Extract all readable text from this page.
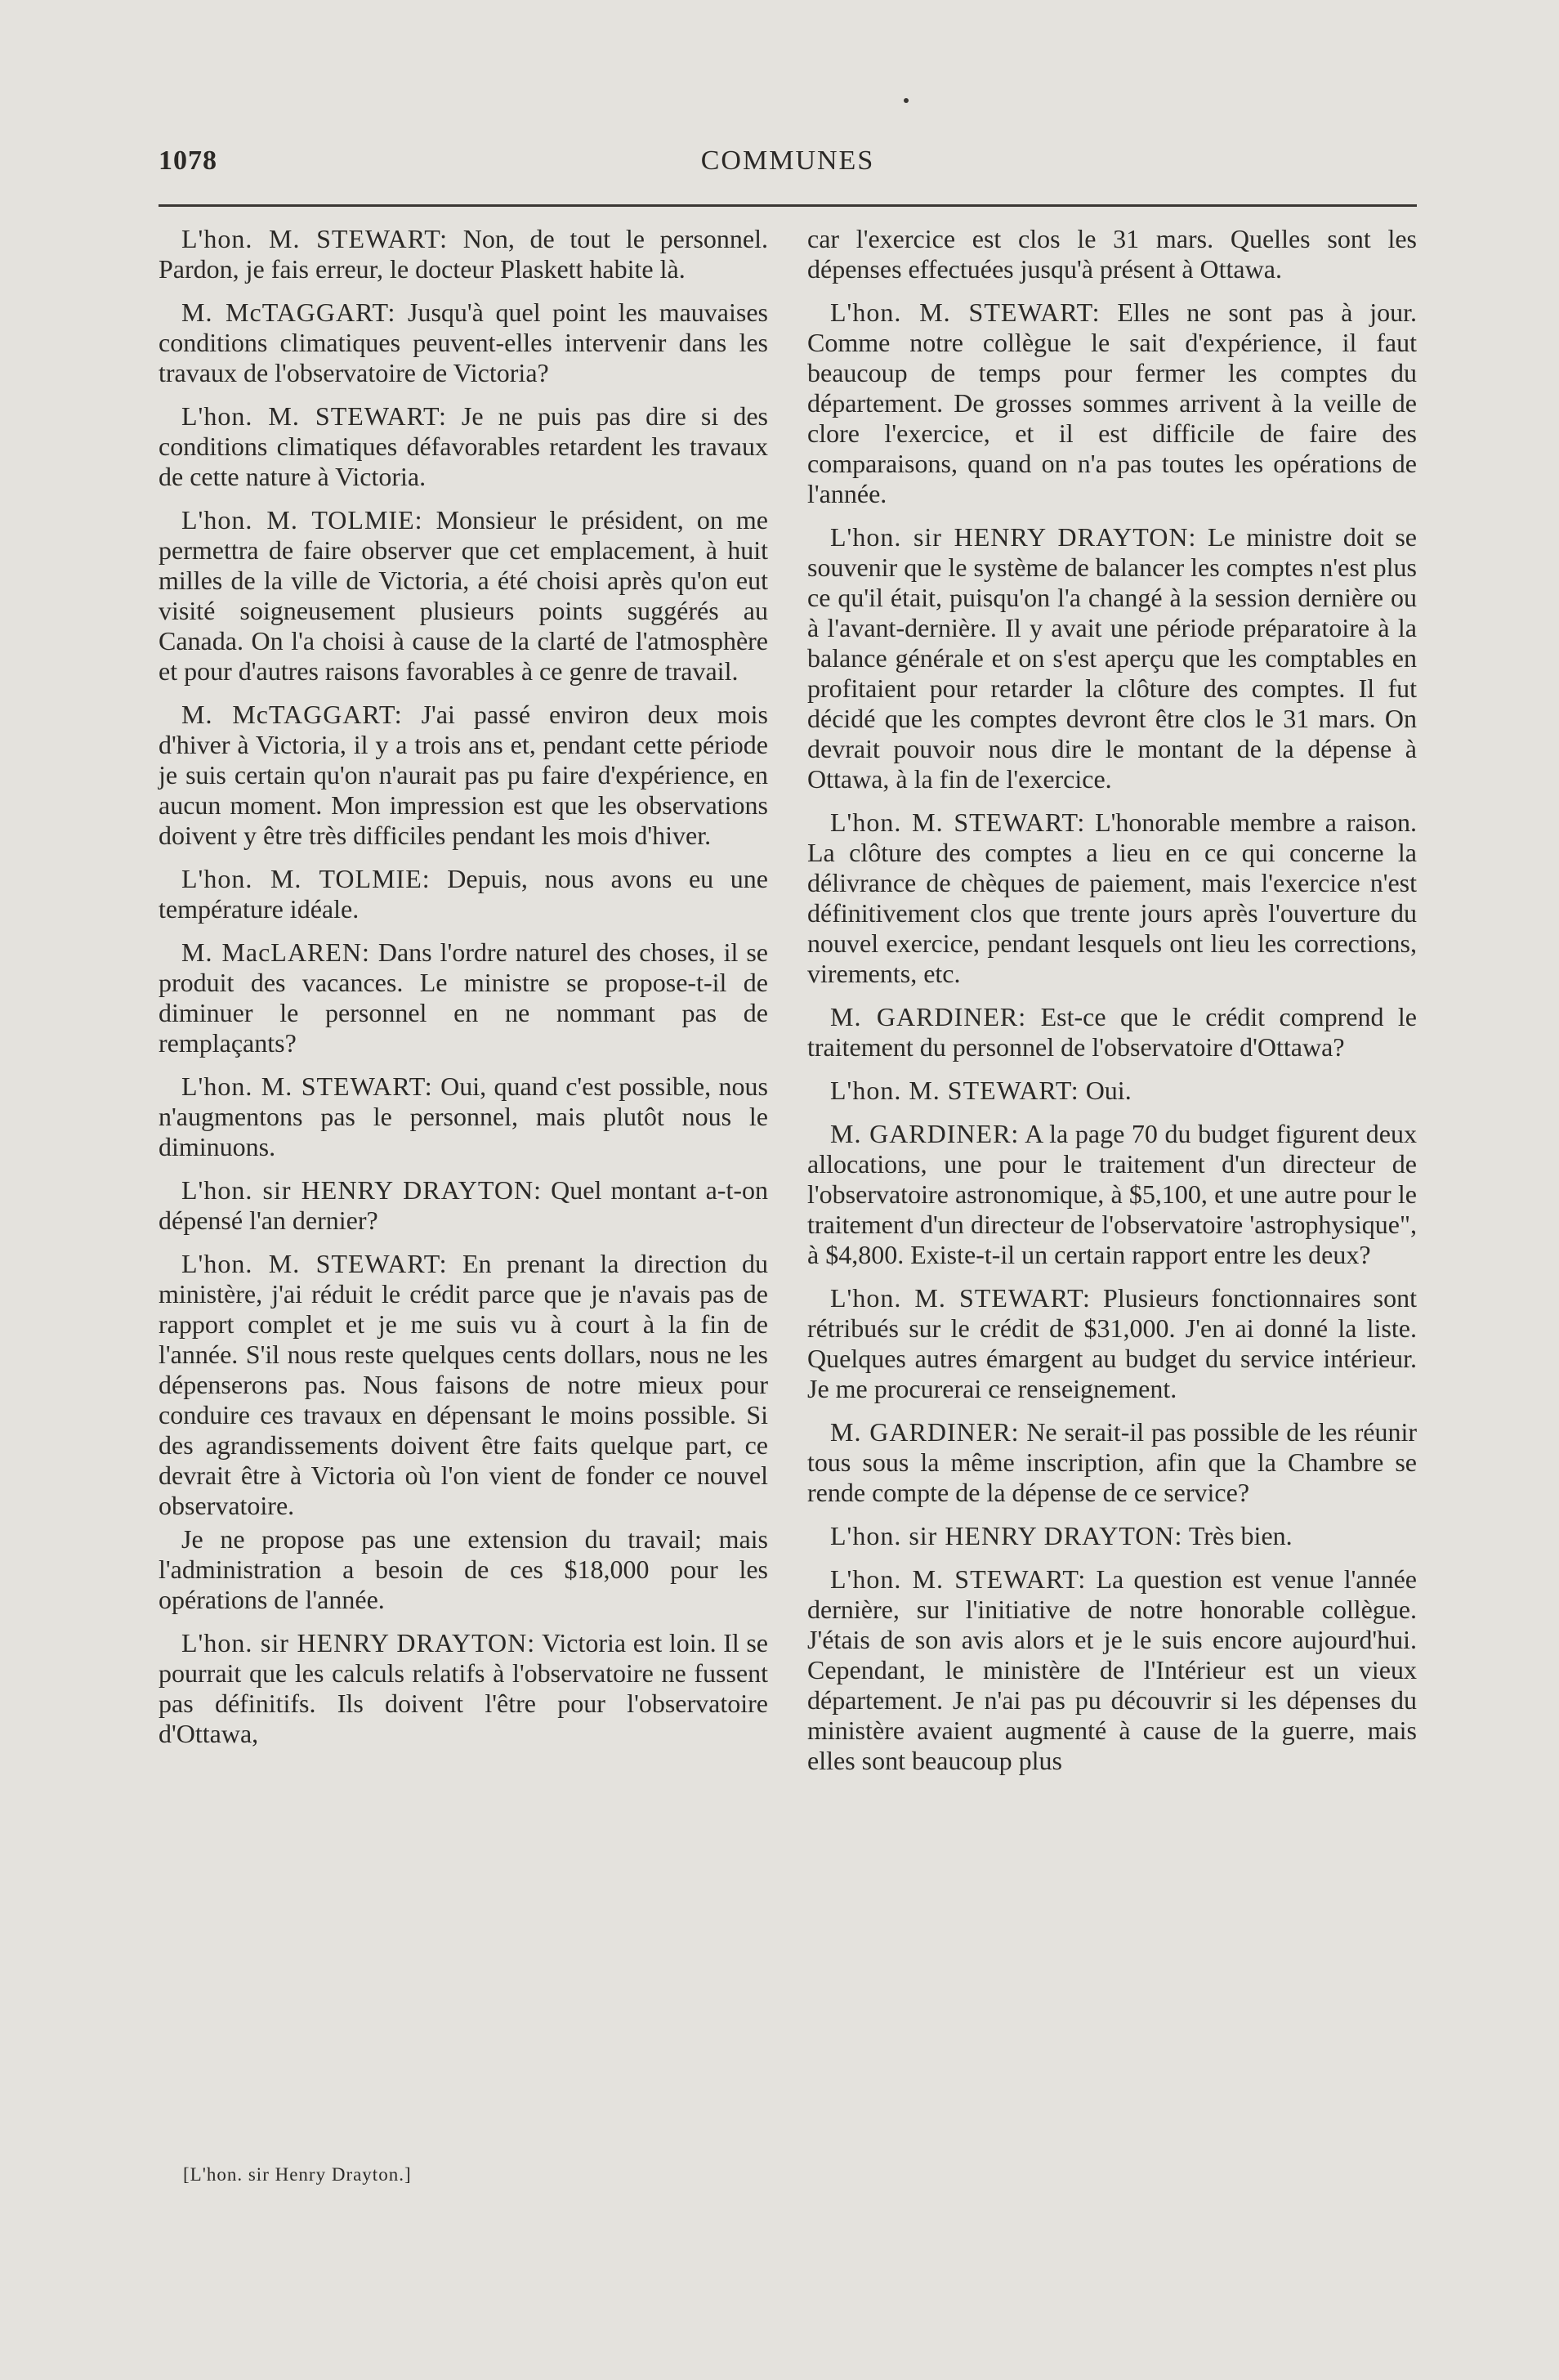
1078	COMMUNES

L'hon. M. STEWART: Non, de tout le personnel. Pardon, je fais erreur, le docteur Plaskett habite là.

M. McTAGGART: Jusqu'à quel point les mauvaises conditions climatiques peuvent-elles intervenir dans les travaux de l'observatoire de Victoria?

L'hon. M. STEWART: Je ne puis pas dire si des conditions climatiques défavorables retardent les travaux de cette nature à Victoria.

L'hon. M. TOLMIE: Monsieur le président, on me permettra de faire observer que cet emplacement, à huit milles de la ville de Victoria, a été choisi après qu'on eut visité soigneusement plusieurs points suggérés au Canada. On l'a choisi à cause de la clarté de l'atmosphère et pour d'autres raisons favorables à ce genre de travail.

M. McTAGGART: J'ai passé environ deux mois d'hiver à Victoria, il y a trois ans et, pendant cette période je suis certain qu'on n'aurait pas pu faire d'expérience, en aucun moment. Mon impression est que les observations doivent y être très difficiles pendant les mois d'hiver.

L'hon. M. TOLMIE: Depuis, nous avons eu une température idéale.

M. MacLAREN: Dans l'ordre naturel des choses, il se produit des vacances. Le ministre se propose-t-il de diminuer le personnel en ne nommant pas de remplaçants?

L'hon. M. STEWART: Oui, quand c'est possible, nous n'augmentons pas le personnel, mais plutôt nous le diminuons.

L'hon. sir HENRY DRAYTON: Quel montant a-t-on dépensé l'an dernier?

L'hon. M. STEWART: En prenant la direction du ministère, j'ai réduit le crédit parce que je n'avais pas de rapport complet et je me suis vu à court à la fin de l'année. S'il nous reste quelques cents dollars, nous ne les dépenserons pas. Nous faisons de notre mieux pour conduire ces travaux en dépensant le moins possible. Si des agrandissements doivent être faits quelque part, ce devrait être à Victoria où l'on vient de fonder ce nouvel observatoire.

Je ne propose pas une extension du travail; mais l'administration a besoin de ces $18,000 pour les opérations de l'année.

L'hon. sir HENRY DRAYTON: Victoria est loin. Il se pourrait que les calculs relatifs à l'observatoire ne fussent pas définitifs. Ils doivent l'être pour l'observatoire d'Ottawa,

car l'exercice est clos le 31 mars. Quelles sont les dépenses effectuées jusqu'à présent à Ottawa.

L'hon. M. STEWART: Elles ne sont pas à jour. Comme notre collègue le sait d'expérience, il faut beaucoup de temps pour fermer les comptes du département. De grosses sommes arrivent à la veille de clore l'exercice, et il est difficile de faire des comparaisons, quand on n'a pas toutes les opérations de l'année.

L'hon. sir HENRY DRAYTON: Le ministre doit se souvenir que le système de balancer les comptes n'est plus ce qu'il était, puisqu'on l'a changé à la session dernière ou à l'avant-dernière. Il y avait une période préparatoire à la balance générale et on s'est aperçu que les comptables en profitaient pour retarder la clôture des comptes. Il fut décidé que les comptes devront être clos le 31 mars. On devrait pouvoir nous dire le montant de la dépense à Ottawa, à la fin de l'exercice.

L'hon. M. STEWART: L'honorable membre a raison. La clôture des comptes a lieu en ce qui concerne la délivrance de chèques de paiement, mais l'exercice n'est définitivement clos que trente jours après l'ouverture du nouvel exercice, pendant lesquels ont lieu les corrections, virements, etc.

M. GARDINER: Est-ce que le crédit comprend le traitement du personnel de l'observatoire d'Ottawa?

L'hon. M. STEWART: Oui.

M. GARDINER: A la page 70 du budget figurent deux allocations, une pour le traitement d'un directeur de l'observatoire astronomique, à $5,100, et une autre pour le traitement d'un directeur de l'observatoire 'astrophysique", à $4,800. Existe-t-il un certain rapport entre les deux?

L'hon. M. STEWART: Plusieurs fonctionnaires sont rétribués sur le crédit de $31,000. J'en ai donné la liste. Quelques autres émargent au budget du service intérieur. Je me procurerai ce renseignement.

M. GARDINER: Ne serait-il pas possible de les réunir tous sous la même inscription, afin que la Chambre se rende compte de la dépense de ce service?

L'hon. sir HENRY DRAYTON: Très bien.

L'hon. M. STEWART: La question est venue l'année dernière, sur l'initiative de notre honorable collègue. J'étais de son avis alors et je le suis encore aujourd'hui. Cependant, le ministère de l'Intérieur est un vieux département. Je n'ai pas pu découvrir si les dépenses du ministère avaient augmenté à cause de la guerre, mais elles sont beaucoup plus

[L'hon. sir Henry Drayton.]
